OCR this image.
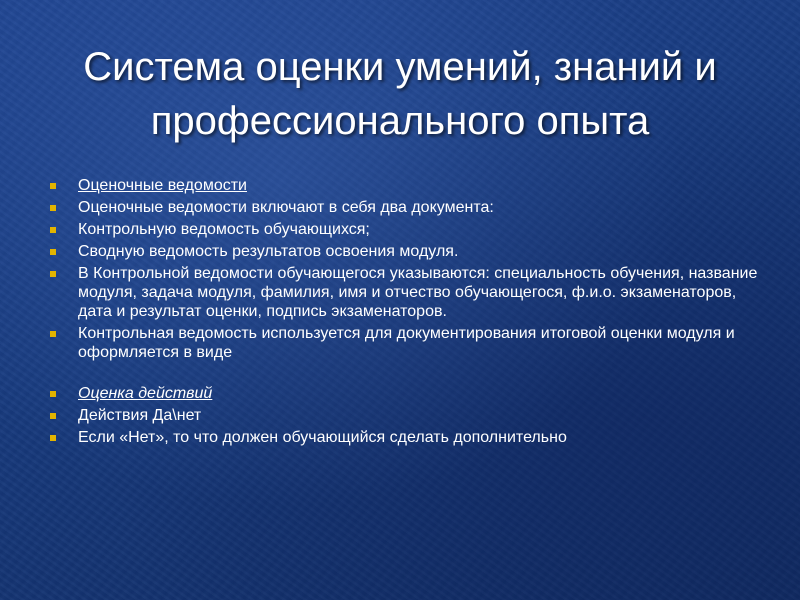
Система оценки умений, знаний и
профессионального опыта
Оценочные ведомости
Оценочные ведомости включают в себя два документа:
Контрольную ведомость обучающихся;
Сводную ведомость результатов освоения модуля.
В Контрольной ведомости обучающегося указываются: специальность обучения, название модуля, задача модуля, фамилия, имя и отчество обучающегося, ф.и.о. экзаменаторов, дата и результат оценки, подпись экзаменаторов.
Контрольная ведомость используется для документирования итоговой оценки модуля и оформляется в виде
Оценка действий
Действия Да\нет
Если «Нет», то что должен обучающийся сделать дополнительно
